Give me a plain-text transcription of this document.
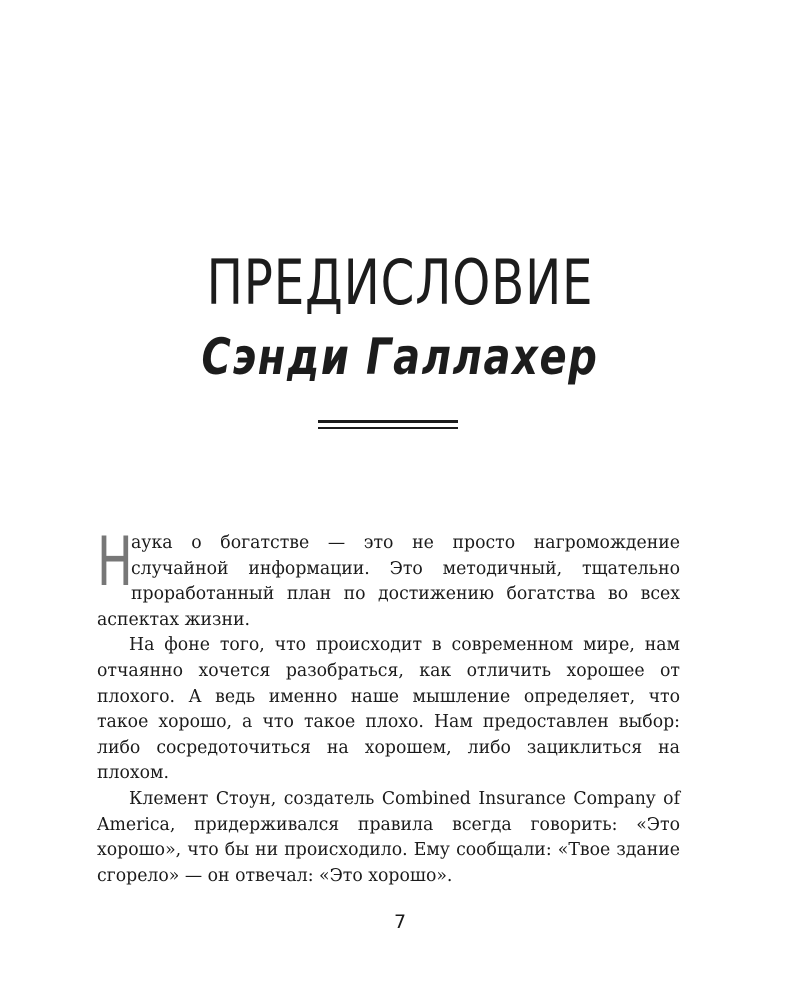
ПРЕДИСЛОВИЕ
Сэнди Галлахер

Н
аука о богатстве — это не просто нагромождение случайной информации. Это методичный, тщательно проработанный план по достижению богатства во всех аспектах жизни.

На фоне того, что происходит в современном мире, нам отчаянно хочется разобраться, как отличить хорошее от плохого. А ведь именно наше мышление определяет, что такое хорошо, а что такое плохо. Нам предоставлен выбор: либо сосредоточиться на хорошем, либо зациклиться на плохом.

Клемент Стоун, создатель Combined Insurance Company of America, придерживался правила всегда говорить: «Это хорошо», что бы ни происходило. Ему сообщали: «Твое здание сгорело» — он отвечал: «Это хорошо».

7
